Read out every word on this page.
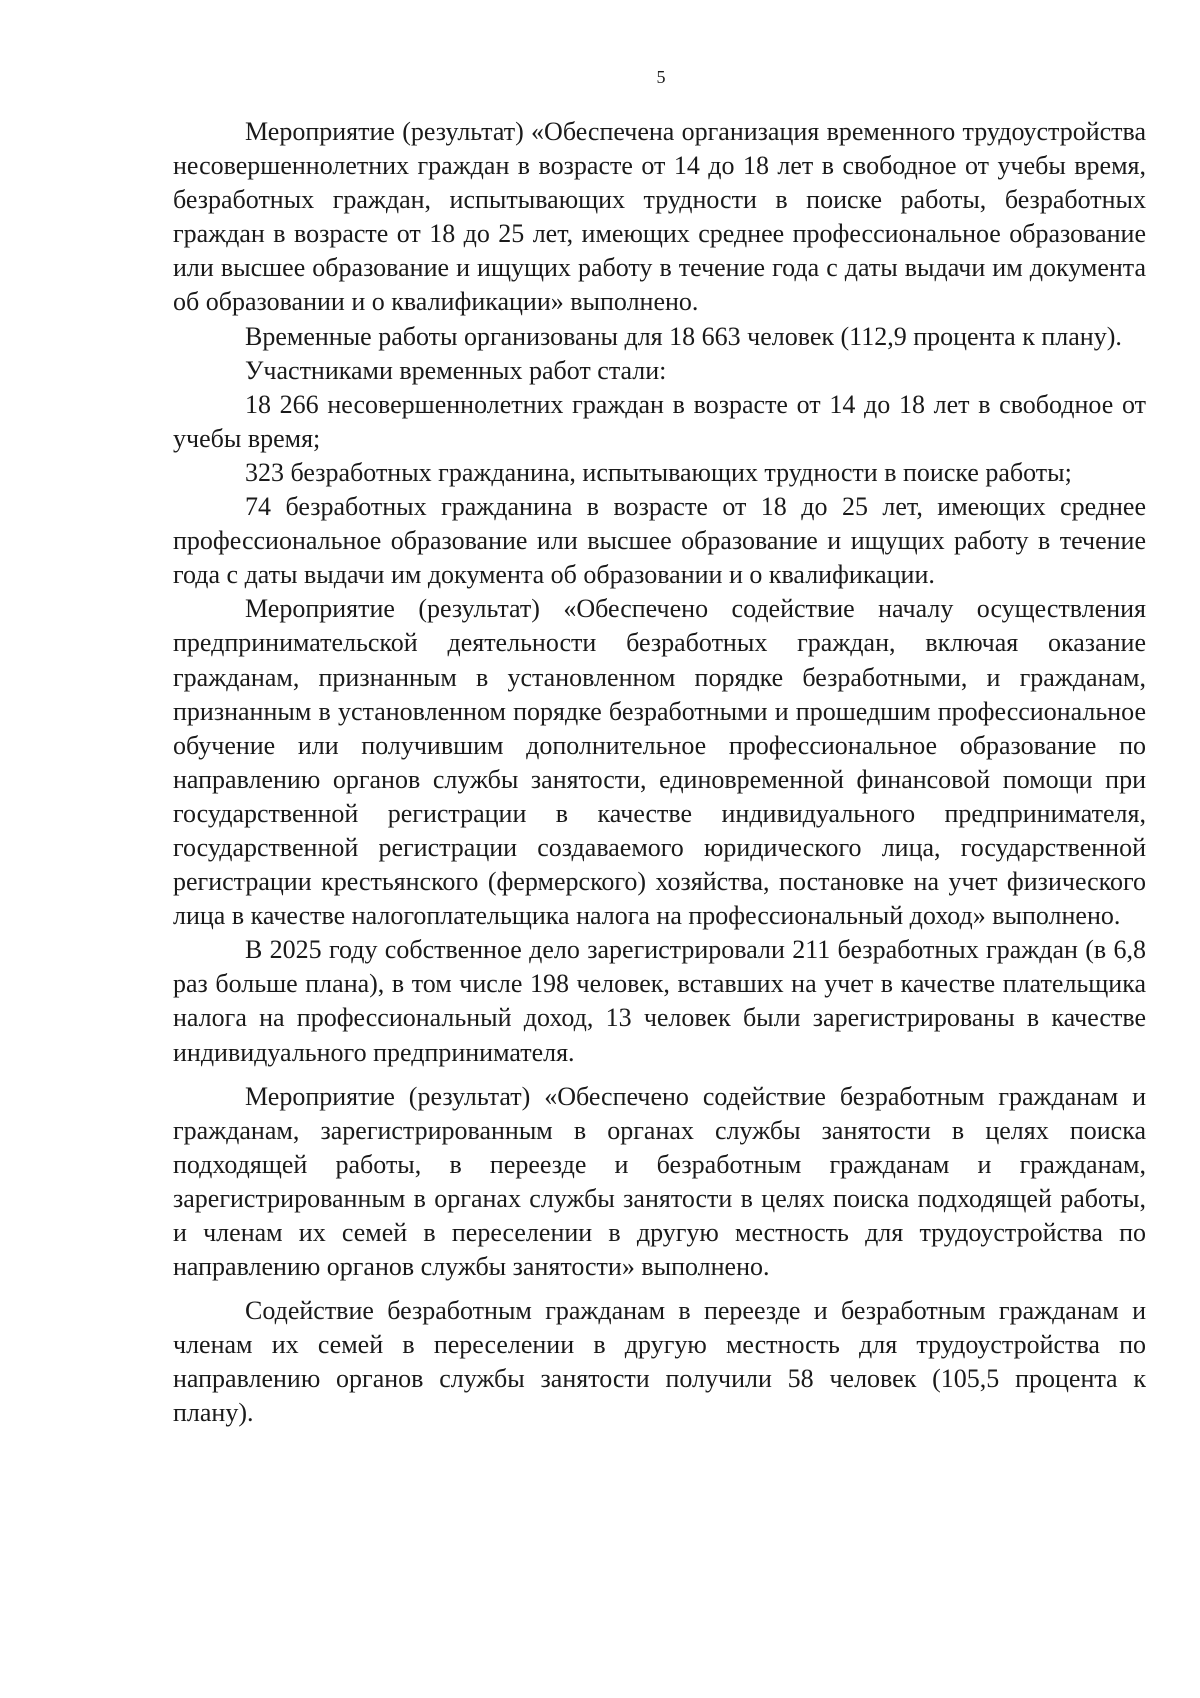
5

Мероприятие (результат) «Обеспечена организация временного трудоустройства несовершеннолетних граждан в возрасте от 14 до 18 лет в свободное от учебы время, безработных граждан, испытывающих трудности в поиске работы, безработных граждан в возрасте от 18 до 25 лет, имеющих среднее профессиональное образование или высшее образование и ищущих работу в течение года с даты выдачи им документа об образовании и о квалификации» выполнено.

Временные работы организованы для 18 663 человек (112,9 процента к плану).

Участниками временных работ стали:

18 266 несовершеннолетних граждан в возрасте от 14 до 18 лет в свободное от учебы время;

323 безработных гражданина, испытывающих трудности в поиске работы;

74 безработных гражданина в возрасте от 18 до 25 лет, имеющих среднее профессиональное образование или высшее образование и ищущих работу в течение года с даты выдачи им документа об образовании и о квалификации.

Мероприятие (результат) «Обеспечено содействие началу осуществления предпринимательской деятельности безработных граждан, включая оказание гражданам, признанным в установленном порядке безработными, и гражданам, признанным в установленном порядке безработными и прошедшим профессиональное обучение или получившим дополнительное профессиональное образование по направлению органов службы занятости, единовременной финансовой помощи при государственной регистрации в качестве индивидуального предпринимателя, государственной регистрации создаваемого юридического лица, государственной регистрации крестьянского (фермерского) хозяйства, постановке на учет физического лица в качестве налогоплательщика налога на профессиональный доход» выполнено.

В 2025 году собственное дело зарегистрировали 211 безработных граждан (в 6,8 раз больше плана), в том числе 198 человек, вставших на учет в качестве плательщика налога на профессиональный доход, 13 человек были зарегистрированы в качестве индивидуального предпринимателя.

Мероприятие (результат) «Обеспечено содействие безработным гражданам и гражданам, зарегистрированным в органах службы занятости в целях поиска подходящей работы, в переезде и безработным гражданам и гражданам, зарегистрированным в органах службы занятости в целях поиска подходящей работы, и членам их семей в переселении в другую местность для трудоустройства по направлению органов службы занятости» выполнено.

Содействие безработным гражданам в переезде и безработным гражданам и членам их семей в переселении в другую местность для трудоустройства по направлению органов службы занятости получили 58 человек (105,5 процента к плану).
